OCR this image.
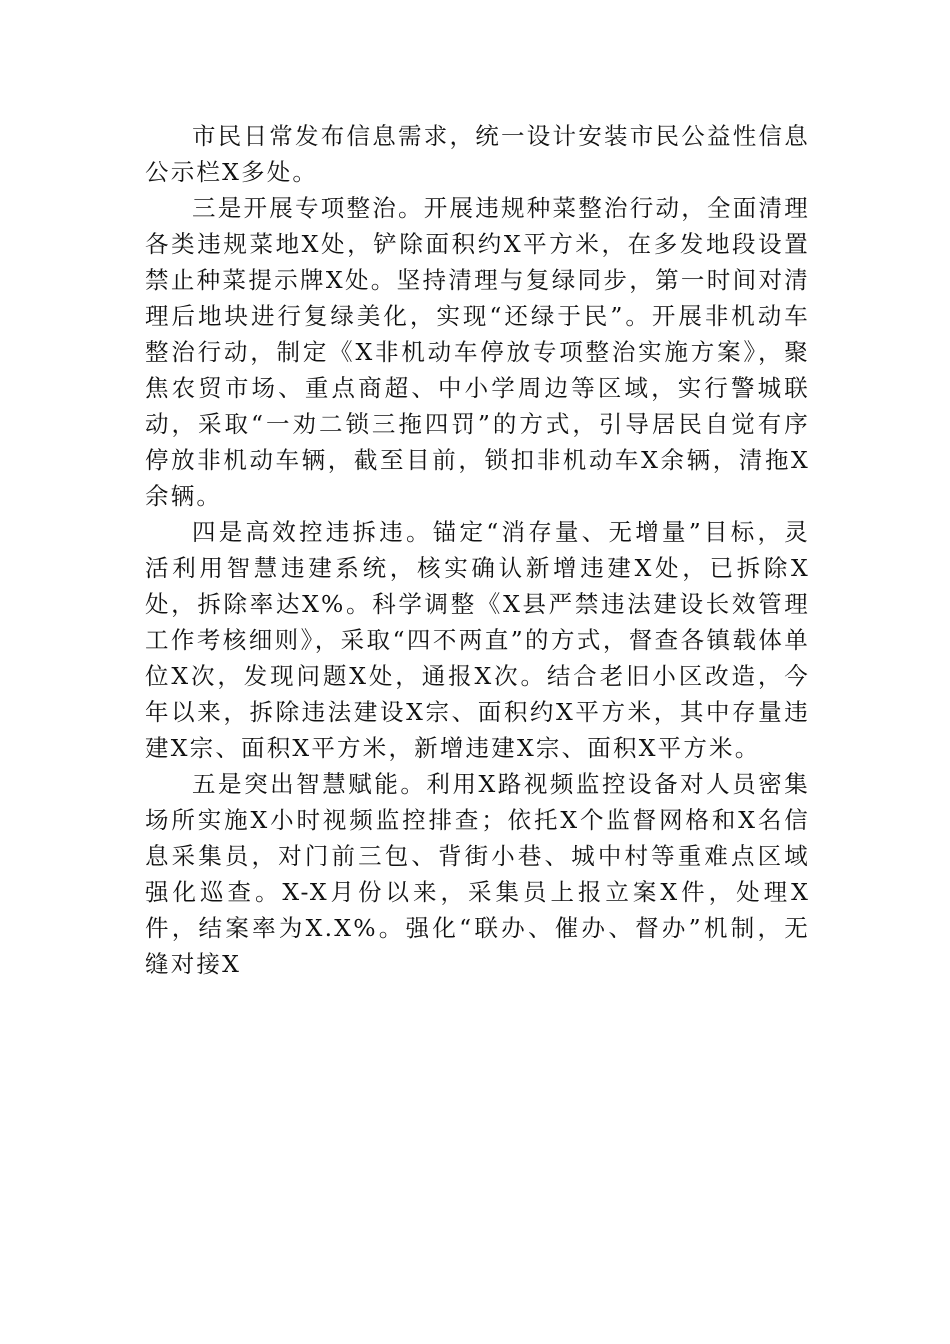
市民日常发布信息需求，统一设计安装市民公益性信息公示栏X多处。

三是开展专项整治。开展违规种菜整治行动，全面清理各类违规菜地X处，铲除面积约X平方米，在多发地段设置禁止种菜提示牌X处。坚持清理与复绿同步，第一时间对清理后地块进行复绿美化，实现“还绿于民”。开展非机动车整治行动，制定《X非机动车停放专项整治实施方案》，聚焦农贸市场、重点商超、中小学周边等区域，实行警城联动，采取“一劝二锁三拖四罚”的方式，引导居民自觉有序停放非机动车辆，截至目前，锁扣非机动车X余辆，清拖X余辆。

四是高效控违拆违。锚定“消存量、无增量”目标，灵活利用智慧违建系统，核实确认新增违建X处，已拆除X处，拆除率达X%。科学调整《X县严禁违法建设长效管理工作考核细则》，采取“四不两直”的方式，督查各镇载体单位X次，发现问题X处，通报X次。结合老旧小区改造，今年以来，拆除违法建设X宗、面积约X平方米，其中存量违建X宗、面积X平方米，新增违建X宗、面积X平方米。

五是突出智慧赋能。利用X路视频监控设备对人员密集场所实施X小时视频监控排查；依托X个监督网格和X名信息采集员，对门前三包、背街小巷、城中村等重难点区域强化巡查。X-X月份以来，采集员上报立案X件，处理X件，结案率为X.X%。强化“联办、催办、督办”机制，无缝对接X
